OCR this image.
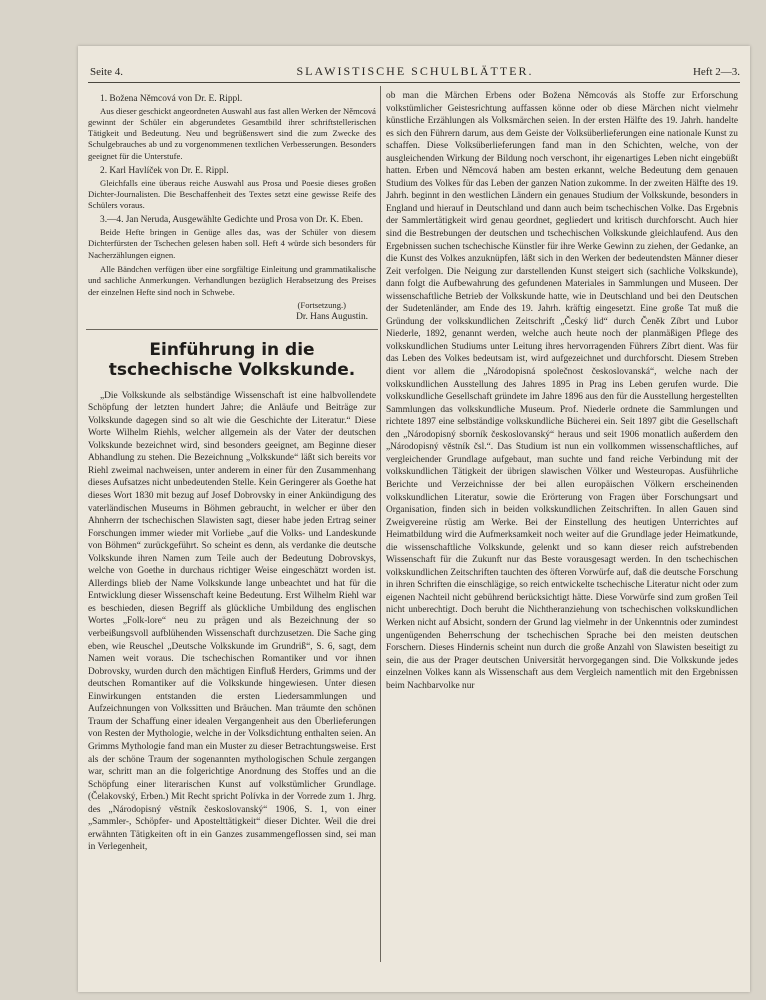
Seite 4.	SLAWISTISCHE SCHULBLÄTTER.	Heft 2—3.

1. Božena Němcová von Dr. E. Rippl.

Aus dieser geschickt angeordneten Auswahl aus fast allen Werken der Němcová gewinnt der Schüler ein abgerundetes Gesamtbild ihrer schriftstellerischen Tätigkeit und Bedeutung. Neu und begrüßenswert sind die zum Zwecke des Schulgebrauches ab und zu vorgenommenen textlichen Verbesserungen. Besonders geeignet für die Unterstufe.

2. Karl Havlíček von Dr. E. Rippl.

Gleichfalls eine überaus reiche Auswahl aus Prosa und Poesie dieses großen Dichter-Journalisten. Die Beschaffenheit des Textes setzt eine gewisse Reife des Schülers voraus.

3.—4. Jan Neruda, Ausgewählte Gedichte und Prosa von Dr. K. Eben.

Beide Hefte bringen in Genüge alles das, was der Schüler von diesem Dichterfürsten der Tschechen gelesen haben soll. Heft 4 würde sich besonders für Nacherzählungen eignen.

Alle Bändchen verfügen über eine sorgfältige Einleitung und grammatikalische und sachliche Anmerkungen. Verhandlungen bezüglich Herabsetzung des Preises der einzelnen Hefte sind noch in Schwebe.

(Fortsetzung.)

Dr. Hans Augustin.

Einführung in die tschechische Volkskunde.

„Die Volkskunde als selbständige Wissenschaft ist eine halbvollendete Schöpfung der letzten hundert Jahre; die Anläufe und Beiträge zur Volkskunde dagegen sind so alt wie die Geschichte der Literatur.“ Diese Worte Wilhelm Riehls, welcher allgemein als der Vater der deutschen Volkskunde bezeichnet wird, sind besonders geeignet, am Beginne dieser Abhandlung zu stehen. Die Bezeichnung „Volkskunde“ läßt sich bereits vor Riehl zweimal nachweisen, unter anderem in einer für den Zusammenhang dieses Aufsatzes nicht unbedeutenden Stelle. Kein Geringerer als Goethe hat dieses Wort 1830 mit bezug auf Josef Dobrovsky in einer Ankündigung des vaterländischen Museums in Böhmen gebraucht, in welcher er über den Ahnherrn der tschechischen Slawisten sagt, dieser habe jeden Ertrag seiner Forschungen immer wieder mit Vorliebe „auf die Volks- und Landeskunde von Böhmen“ zurückgeführt. So scheint es denn, als verdanke die deutsche Volkskunde ihren Namen zum Teile auch der Bedeutung Dobrovskys, welche von Goethe in durchaus richtiger Weise eingeschätzt worden ist. Allerdings blieb der Name Volkskunde lange unbeachtet und hat für die Entwicklung dieser Wissenschaft keine Bedeutung. Erst Wilhelm Riehl war es beschieden, diesen Begriff als glückliche Umbildung des englischen Wortes „Folk-lore“ neu zu prägen und als Bezeichnung der so verbeißungsvoll aufblühenden Wissenschaft durchzusetzen. Die Sache ging eben, wie Reuschel „Deutsche Volkskunde im Grundriß“, S. 6, sagt, dem Namen weit voraus. Die tschechischen Romantiker und vor ihnen Dobrovsky, wurden durch den mächtigen Einfluß Herders, Grimms und der deutschen Romantiker auf die Volkskunde hingewiesen. Unter diesen Einwirkungen entstanden die ersten Liedersammlungen und Aufzeichnungen von Volkssitten und Bräuchen. Man träumte den schönen Traum der Schaffung einer idealen Vergangenheit aus den Überlieferungen von Resten der Mythologie, welche in der Volksdichtung enthalten seien. An Grimms Mythologie fand man ein Muster zu dieser Betrachtungsweise. Erst als der schöne Traum der sogenannten mythologischen Schule zergangen war, schritt man an die folgerichtige Anordnung des Stoffes und an die Schöpfung einer literarischen Kunst auf volkstümlicher Grundlage. (Čelakovský, Erben.) Mit Recht spricht Polívka in der Vorrede zum 1. Jhrg. des „Národopisný věstník českoslovanský“ 1906, S. 1, von einer „Sammler-, Schöpfer- und Apostelttätigkeit“ dieser Dichter. Weil die drei erwähnten Tätigkeiten oft in ein Ganzes zusammengeflossen sind, sei man in Verlegenheit,

ob man die Märchen Erbens oder Božena Němcovás als Stoffe zur Erforschung volkstümlicher Geistesrichtung auffassen könne oder ob diese Märchen nicht vielmehr künstliche Erzählungen als Volksmärchen seien. In der ersten Hälfte des 19. Jahrh. handelte es sich den Führern darum, aus dem Geiste der Volksüberlieferungen eine nationale Kunst zu schaffen. Diese Volksüberlieferungen fand man in den Schichten, welche, von der ausgleichenden Wirkung der Bildung noch verschont, ihr eigenartiges Leben nicht eingebüßt hatten. Erben und Němcová haben am besten erkannt, welche Bedeutung dem genauen Studium des Volkes für das Leben der ganzen Nation zukomme. In der zweiten Hälfte des 19. Jahrh. beginnt in den westlichen Ländern ein genaues Studium der Volkskunde, besonders in England und hierauf in Deutschland und dann auch beim tschechischen Volke. Das Ergebnis der Sammlertätigkeit wird genau geordnet, gegliedert und kritisch durchforscht. Auch hier sind die Bestrebungen der deutschen und tschechischen Volkskunde gleichlaufend. Aus den Ergebnissen suchen tschechische Künstler für ihre Werke Gewinn zu ziehen, der Gedanke, an die Kunst des Volkes anzuknüpfen, läßt sich in den Werken der bedeutendsten Männer dieser Zeit verfolgen. Die Neigung zur darstellenden Kunst steigert sich (sachliche Volkskunde), dann folgt die Aufbewahrung des gefundenen Materiales in Sammlungen und Museen. Der wissenschaftliche Betrieb der Volkskunde hatte, wie in Deutschland und bei den Deutschen der Sudetenländer, am Ende des 19. Jahrh. kräftig eingesetzt. Eine große Tat muß die Gründung der volkskundlichen Zeitschrift „Český lid“ durch Čeněk Zíbrt und Lubor Niederle, 1892, genannt werden, welche auch heute noch der planmäßigen Pflege des volkskundlichen Studiums unter Leitung ihres hervorragenden Führers Zíbrt dient. Was für das Leben des Volkes bedeutsam ist, wird aufgezeichnet und durchforscht. Diesem Streben dient vor allem die „Národopisná společnost českoslovanská“, welche nach der volkskundlichen Ausstellung des Jahres 1895 in Prag ins Leben gerufen wurde. Die volkskundliche Gesellschaft gründete im Jahre 1896 aus den für die Ausstellung hergestellten Sammlungen das volkskundliche Museum. Prof. Niederle ordnete die Sammlungen und richtete 1897 eine selbständige volkskundliche Bücherei ein. Seit 1897 gibt die Gesellschaft den „Národopisný sborník českoslovanský“ heraus und seit 1906 monatlich außerdem den „Národopisný věstník čsl.“. Das Studium ist nun ein vollkommen wissenschaftliches, auf vergleichender Grundlage aufgebaut, man suchte und fand reiche Verbindung mit der volkskundlichen Tätigkeit der übrigen slawischen Völker und Westeuropas. Ausführliche Berichte und Verzeichnisse der bei allen europäischen Völkern erscheinenden volkskundlichen Literatur, sowie die Erörterung von Fragen über Forschungsart und Organisation, finden sich in beiden volkskundlichen Zeitschriften. In allen Gauen sind Zweigvereine rüstig am Werke. Bei der Einstellung des heutigen Unterrichtes auf Heimatbildung wird die Aufmerksamkeit noch weiter auf die Grundlage jeder Heimatkunde, die wissenschaftliche Volkskunde, gelenkt und so kann dieser reich aufstrebenden Wissenschaft für die Zukunft nur das Beste vorausgesagt werden. In den tschechischen volkskundlichen Zeitschriften tauchten des öfteren Vorwürfe auf, daß die deutsche Forschung in ihren Schriften die einschlägige, so reich entwickelte tschechische Literatur nicht oder zum eigenen Nachteil nicht gebührend berücksichtigt hätte. Diese Vorwürfe sind zum großen Teil nicht unberechtigt. Doch beruht die Nichtheranziehung von tschechischen volkskundlichen Werken nicht auf Absicht, sondern der Grund lag vielmehr in der Unkenntnis oder zumindest ungenügenden Beherrschung der tschechischen Sprache bei den meisten deutschen Forschern. Dieses Hindernis scheint nun durch die große Anzahl von Slawisten beseitigt zu sein, die aus der Prager deutschen Universität hervorgegangen sind. Die Volkskunde jedes einzelnen Volkes kann als Wissenschaft aus dem Vergleich namentlich mit den Ergebnissen beim Nachbarvolke nur
